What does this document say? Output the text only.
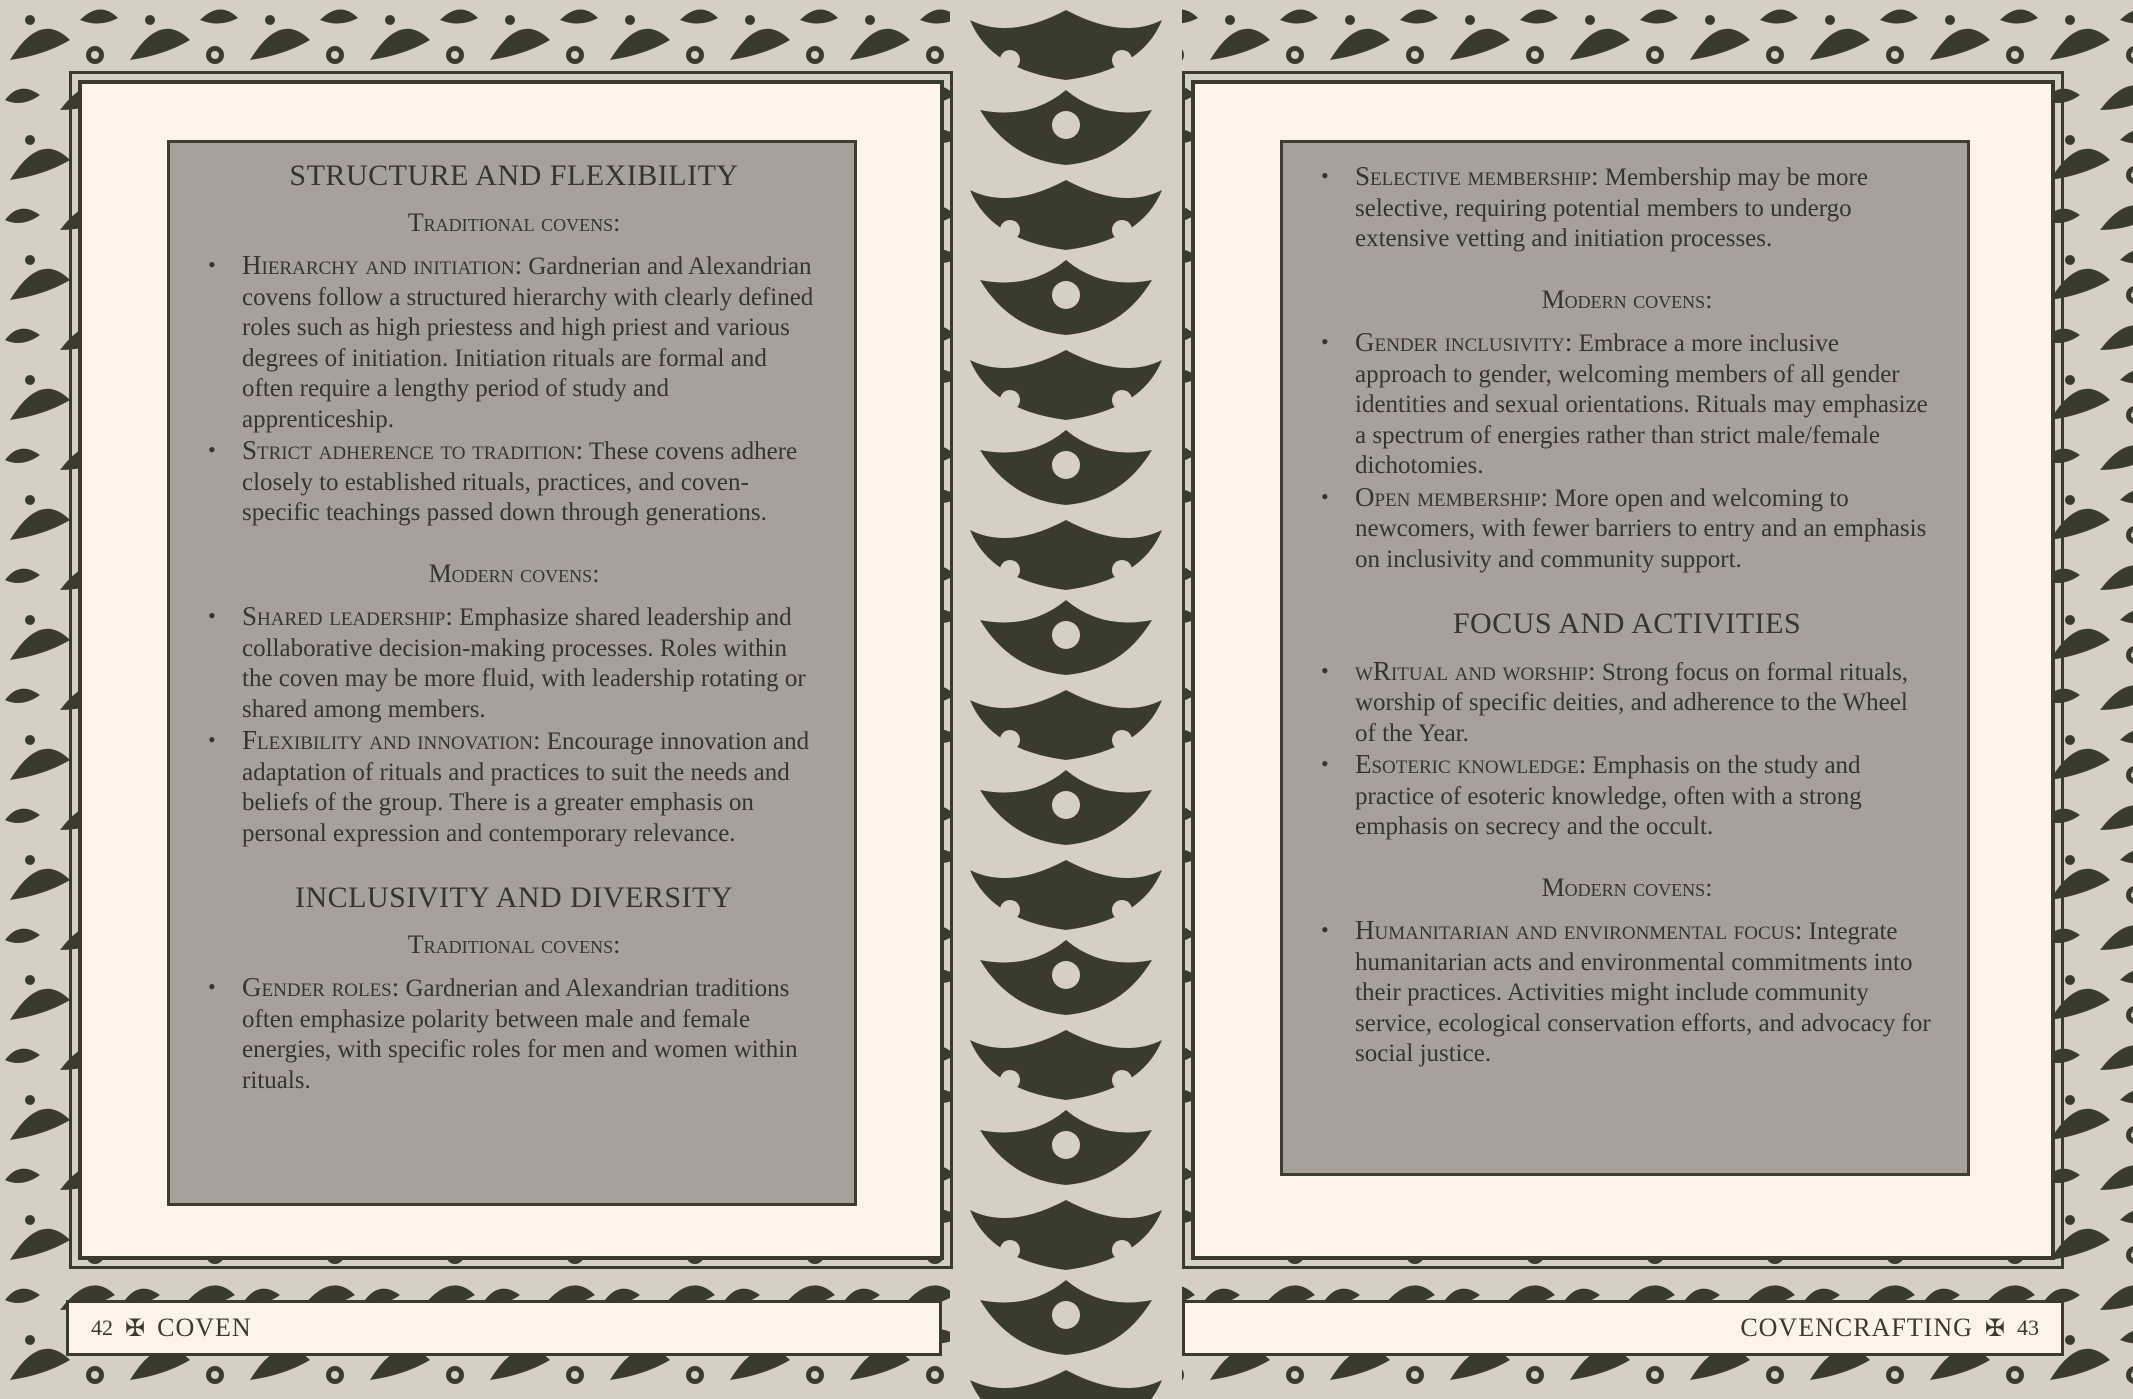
STRUCTURE AND FLEXIBILITY
Traditional covens:
• Hierarchy and initiation: Gardnerian and Alexandrian covens follow a structured hierarchy with clearly defined roles such as high priestess and high priest and various degrees of initiation. Initiation rituals are formal and often require a lengthy period of study and apprenticeship.
• Strict adherence to tradition: These covens adhere closely to established rituals, practices, and coven-specific teachings passed down through generations.
Modern covens:
• Shared leadership: Emphasize shared leadership and collaborative decision-making processes. Roles within the coven may be more fluid, with leadership rotating or shared among members.
• Flexibility and innovation: Encourage innovation and adaptation of rituals and practices to suit the needs and beliefs of the group. There is a greater emphasis on personal expression and contemporary relevance.
INCLUSIVITY AND DIVERSITY
Traditional covens:
• Gender roles: Gardnerian and Alexandrian traditions often emphasize polarity between male and female energies, with specific roles for men and women within rituals.
• Selective membership: Membership may be more selective, requiring potential members to undergo extensive vetting and initiation processes.
Modern covens:
• Gender inclusivity: Embrace a more inclusive approach to gender, welcoming members of all gender identities and sexual orientations. Rituals may emphasize a spectrum of energies rather than strict male/female dichotomies.
• Open membership: More open and welcoming to newcomers, with fewer barriers to entry and an emphasis on inclusivity and community support.
FOCUS AND ACTIVITIES
• wRitual and worship: Strong focus on formal rituals, worship of specific deities, and adherence to the Wheel of the Year.
• Esoteric knowledge: Emphasis on the study and practice of esoteric knowledge, often with a strong emphasis on secrecy and the occult.
Modern covens:
• Humanitarian and environmental focus: Integrate humanitarian acts and environmental commitments into their practices. Activities might include community service, ecological conservation efforts, and advocacy for social justice.
42 ✠ COVEN	COVENCRAFTING ✠ 43
